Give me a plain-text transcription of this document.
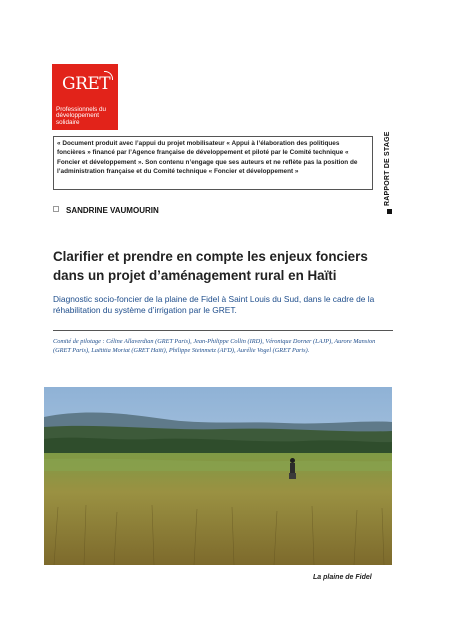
GRET
Professionnels du
développement
solidaire
« Document produit avec l’appui du projet mobilisateur « Appui à l’élaboration des politiques foncières » financé par l’Agence française de développement et piloté par le Comité technique « Foncier et développement ». Son contenu n’engage que ses auteurs et ne reflète pas la position de l’administration française et du Comité technique « Foncier et développement »	RAPPORT DE STAGE
SANDRINE VAUMOURIN
Clarifier et prendre en compte les enjeux fonciers dans un projet d’aménagement rural en Haïti
Diagnostic socio-foncier de la plaine de Fidel à Saint Louis du Sud, dans le cadre de la réhabilitation du système d’irrigation par le GRET.
Comité de pilotage : Céline Allaverdian (GRET Paris), Jean-Philippe Collin (IRD), Véronique Dorner (LAJP), Aurore Mansion (GRET Paris), Laëtitia Moriat (GRET Haïti), Philippe Steinmetz (AFD), Aurélie Vogel (GRET Paris).
La plaine de Fidel
